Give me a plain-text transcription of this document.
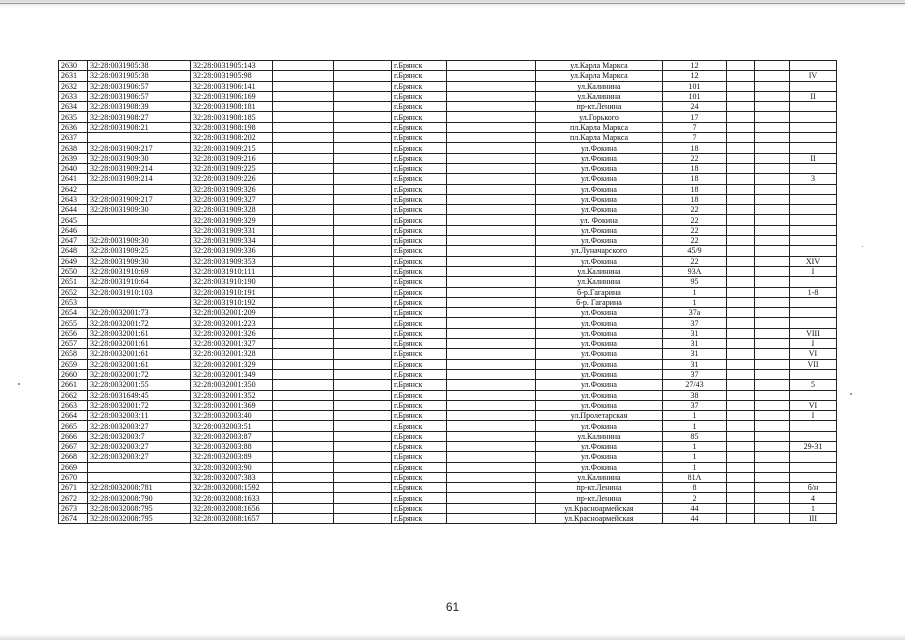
2630	32:28:0031905:38	32:28:0031905:143			г.Брянск		ул.Карла Маркса	12			
2631	32:28:0031905:38	32:28:0031905:98			г.Брянск		ул.Карла Маркса	12			IV
2632	32:28:0031906:57	32:28:0031906:141			г.Брянск		ул.Калинина	101			
2633	32:28:0031906:57	32:28:0031906:169			г.Брянск		ул.Калинина	101			II
2634	32:28:0031908:39	32:28:0031908:181			г.Брянск		пр-кт.Ленина	24			
2635	32:28:0031908:27	32:28:0031908:185			г.Брянск		ул.Горького	17			
2636	32:28:0031908:21	32:28:0031908:198			г.Брянск		пл.Карла Маркса	7			
2637		32:28:0031908:202			г.Брянск		пл.Карла Маркса	7			
2638	32:28:0031909:217	32:28:0031909:215			г.Брянск		ул.Фокина	18			
2639	32:28:0031909:30	32:28:0031909:216			г.Брянск		ул.Фокина	22			II
2640	32:28:0031909:214	32:28:0031909:225			г.Брянск		ул.Фокина	18			
2641	32:28:0031909:214	32:28:0031909:226			г.Брянск		ул.Фокина	18			3
2642		32:28:0031909:326			г.Брянск		ул.Фокина	18			
2643	32:28:0031909:217	32:28:0031909:327			г.Брянск		ул.Фокина	18			
2644	32:28:0031909:30	32:28:0031909:328			г.Брянск		ул.Фокина	22			
2645		32:28:0031909:329			г.Брянск		ул. Фокина	22			
2646		32:28:0031909:331			г.Брянск		ул.Фокина	22			
2647	32:28:0031909:30	32:28:0031909:334			г.Брянск		ул.Фокина	22			
2648	32:28:0031909:25	32:28:0031909:336			г.Брянск		ул.Луначарского	45/9			
2649	32:28:0031909:30	32:28:0031909:353			г.Брянск		ул.Фокина	22			XIV
2650	32:28:0031910:69	32:28:0031910:111			г.Брянск		ул.Калинина	93А			I
2651	32:28:0031910:64	32:28:0031910:190			г.Брянск		ул.Калинина	95			
2652	32:28:0031910:103	32:28:0031910:191			г.Брянск		б-р.Гагарина	1			1-8
2653		32:28:0031910:192			г.Брянск		б-р. Гагарина	1			
2654	32:28:0032001:73	32:28:0032001:209			г.Брянск		ул.Фокина	37а			
2655	32:28:0032001:72	32:28:0032001:223			г.Брянск		ул.Фокина	37			
2656	32:28:0032001:61	32:28:0032001:326			г.Брянск		ул.Фокина	31			VIII
2657	32:28:0032001:61	32:28:0032001:327			г.Брянск		ул.Фокина	31			I
2658	32:28:0032001:61	32:28:0032001:328			г.Брянск		ул.Фокина	31			VI
2659	32:28:0032001:61	32:28:0032001:329			г.Брянск		ул.Фокина	31			VII
2660	32:28:0032001:72	32:28:0032001:349			г.Брянск		ул.Фокина	37			
2661	32:28:0032001:55	32:28:0032001:350			г.Брянск		ул.Фокина	27/43			5
2662	32:28:0031649:45	32:28:0032001:352			г.Брянск		ул.Фокина	38			
2663	32:28:0032001:72	32:28:0032001:369			г.Брянск		ул.Фокина	37			VI
2664	32:28:0032003:11	32:28:0032003:40			г.Брянск		ул.Пролетарская	1			I
2665	32:28:0032003:27	32:28:0032003:51			г.Брянск		ул.Фокина	1			
2666	32:28:0032003:7	32:28:0032003:87			г.Брянск		ул.Калинина	85			
2667	32:28:0032003:27	32:28:0032003:88			г.Брянск		ул.Фокина	1			29-31
2668	32:28:0032003:27	32:28:0032003:89			г.Брянск		ул.Фокина	1			
2669		32:28:0032003:90			г.Брянск		ул.Фокина	1			
2670		32:28:0032007:383			г.Брянск		ул.Калинина	81А			
2671	32:28:0032008:781	32:28:0032008:1592			г.Брянск		пр-кт.Ленина	8			б/н
2672	32:28:0032008:790	32:28:0032008:1633			г.Брянск		пр-кт.Ленина	2			4
2673	32:28:0032008:795	32:28:0032008:1656			г.Брянск		ул.Красноармейская	44			1
2674	32:28:0032008:795	32:28:0032008:1657			г.Брянск		ул.Красноармейская	44			III
61
